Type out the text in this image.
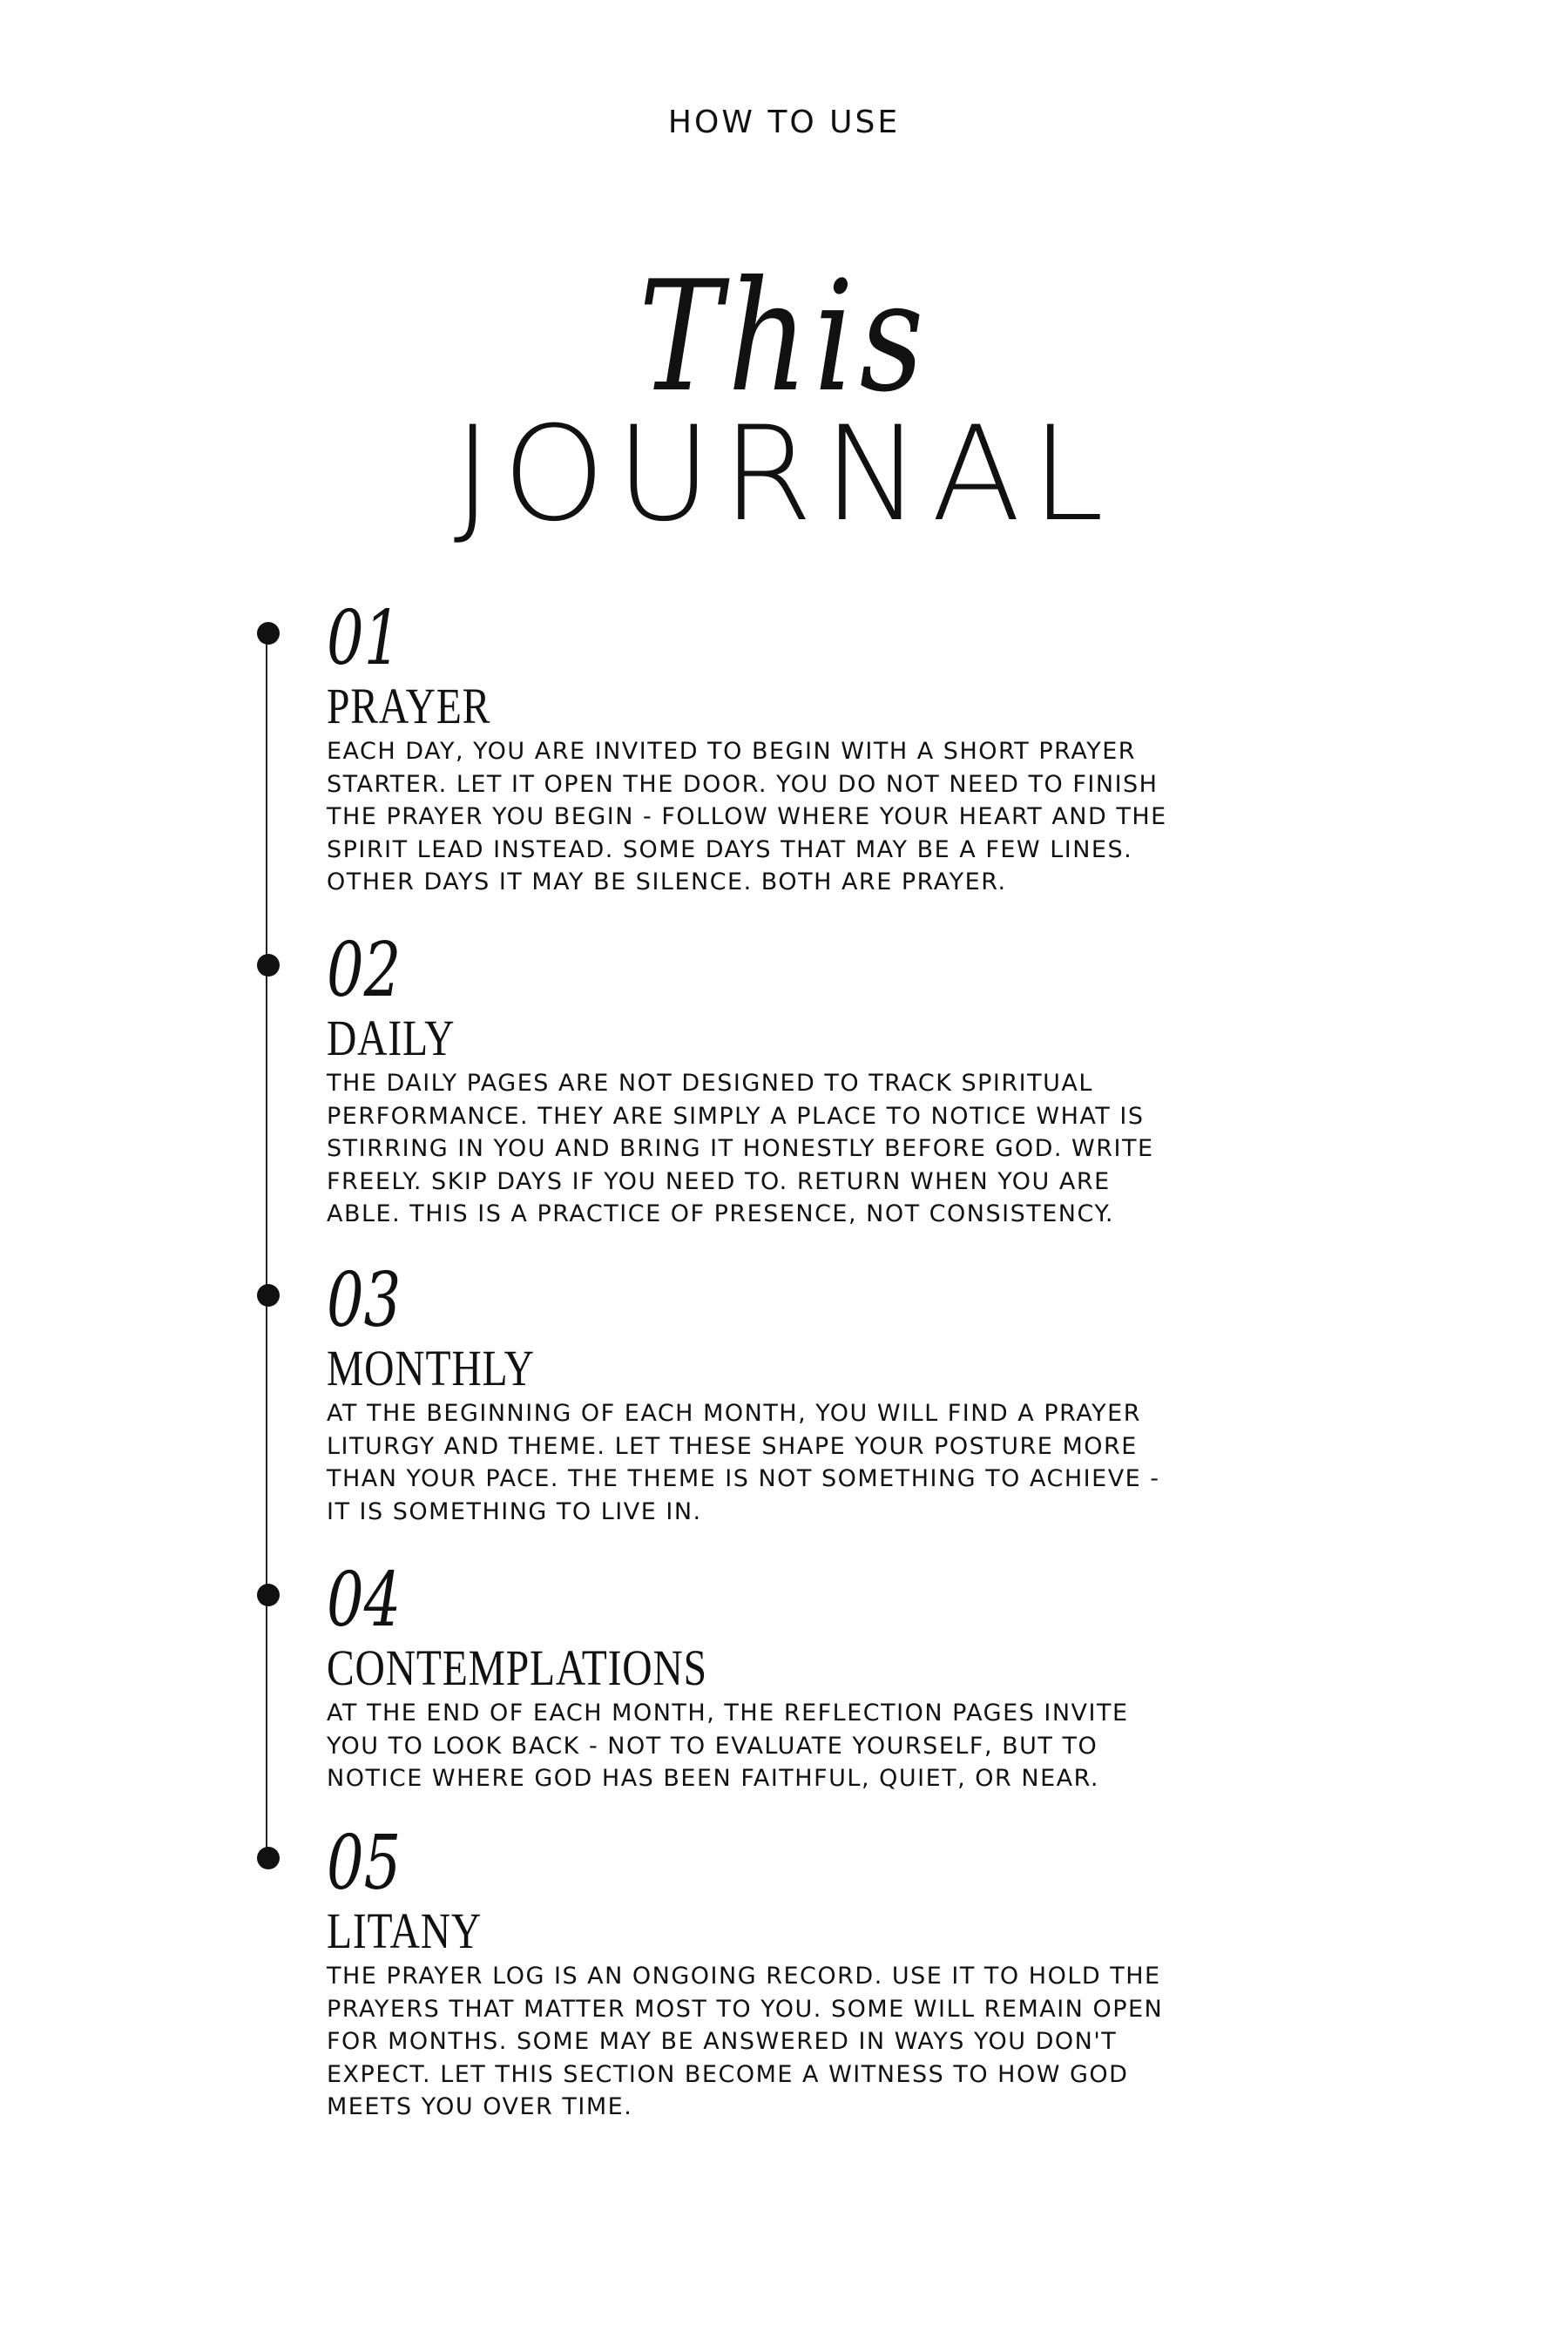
HOW TO USE
This
JOURNAL
01
PRAYER
EACH DAY, YOU ARE INVITED TO BEGIN WITH A SHORT PRAYER
STARTER. LET IT OPEN THE DOOR. YOU DO NOT NEED TO FINISH
THE PRAYER YOU BEGIN - FOLLOW WHERE YOUR HEART AND THE
SPIRIT LEAD INSTEAD. SOME DAYS THAT MAY BE A FEW LINES.
OTHER DAYS IT MAY BE SILENCE. BOTH ARE PRAYER.
02
DAILY
THE DAILY PAGES ARE NOT DESIGNED TO TRACK SPIRITUAL
PERFORMANCE. THEY ARE SIMPLY A PLACE TO NOTICE WHAT IS
STIRRING IN YOU AND BRING IT HONESTLY BEFORE GOD. WRITE
FREELY. SKIP DAYS IF YOU NEED TO. RETURN WHEN YOU ARE
ABLE. THIS IS A PRACTICE OF PRESENCE, NOT CONSISTENCY.
03
MONTHLY
AT THE BEGINNING OF EACH MONTH, YOU WILL FIND A PRAYER
LITURGY AND THEME. LET THESE SHAPE YOUR POSTURE MORE
THAN YOUR PACE. THE THEME IS NOT SOMETHING TO ACHIEVE -
IT IS SOMETHING TO LIVE IN.
04
CONTEMPLATIONS
AT THE END OF EACH MONTH, THE REFLECTION PAGES INVITE
YOU TO LOOK BACK - NOT TO EVALUATE YOURSELF, BUT TO
NOTICE WHERE GOD HAS BEEN FAITHFUL, QUIET, OR NEAR.
05
LITANY
THE PRAYER LOG IS AN ONGOING RECORD. USE IT TO HOLD THE
PRAYERS THAT MATTER MOST TO YOU. SOME WILL REMAIN OPEN
FOR MONTHS. SOME MAY BE ANSWERED IN WAYS YOU DON'T
EXPECT. LET THIS SECTION BECOME A WITNESS TO HOW GOD
MEETS YOU OVER TIME.
